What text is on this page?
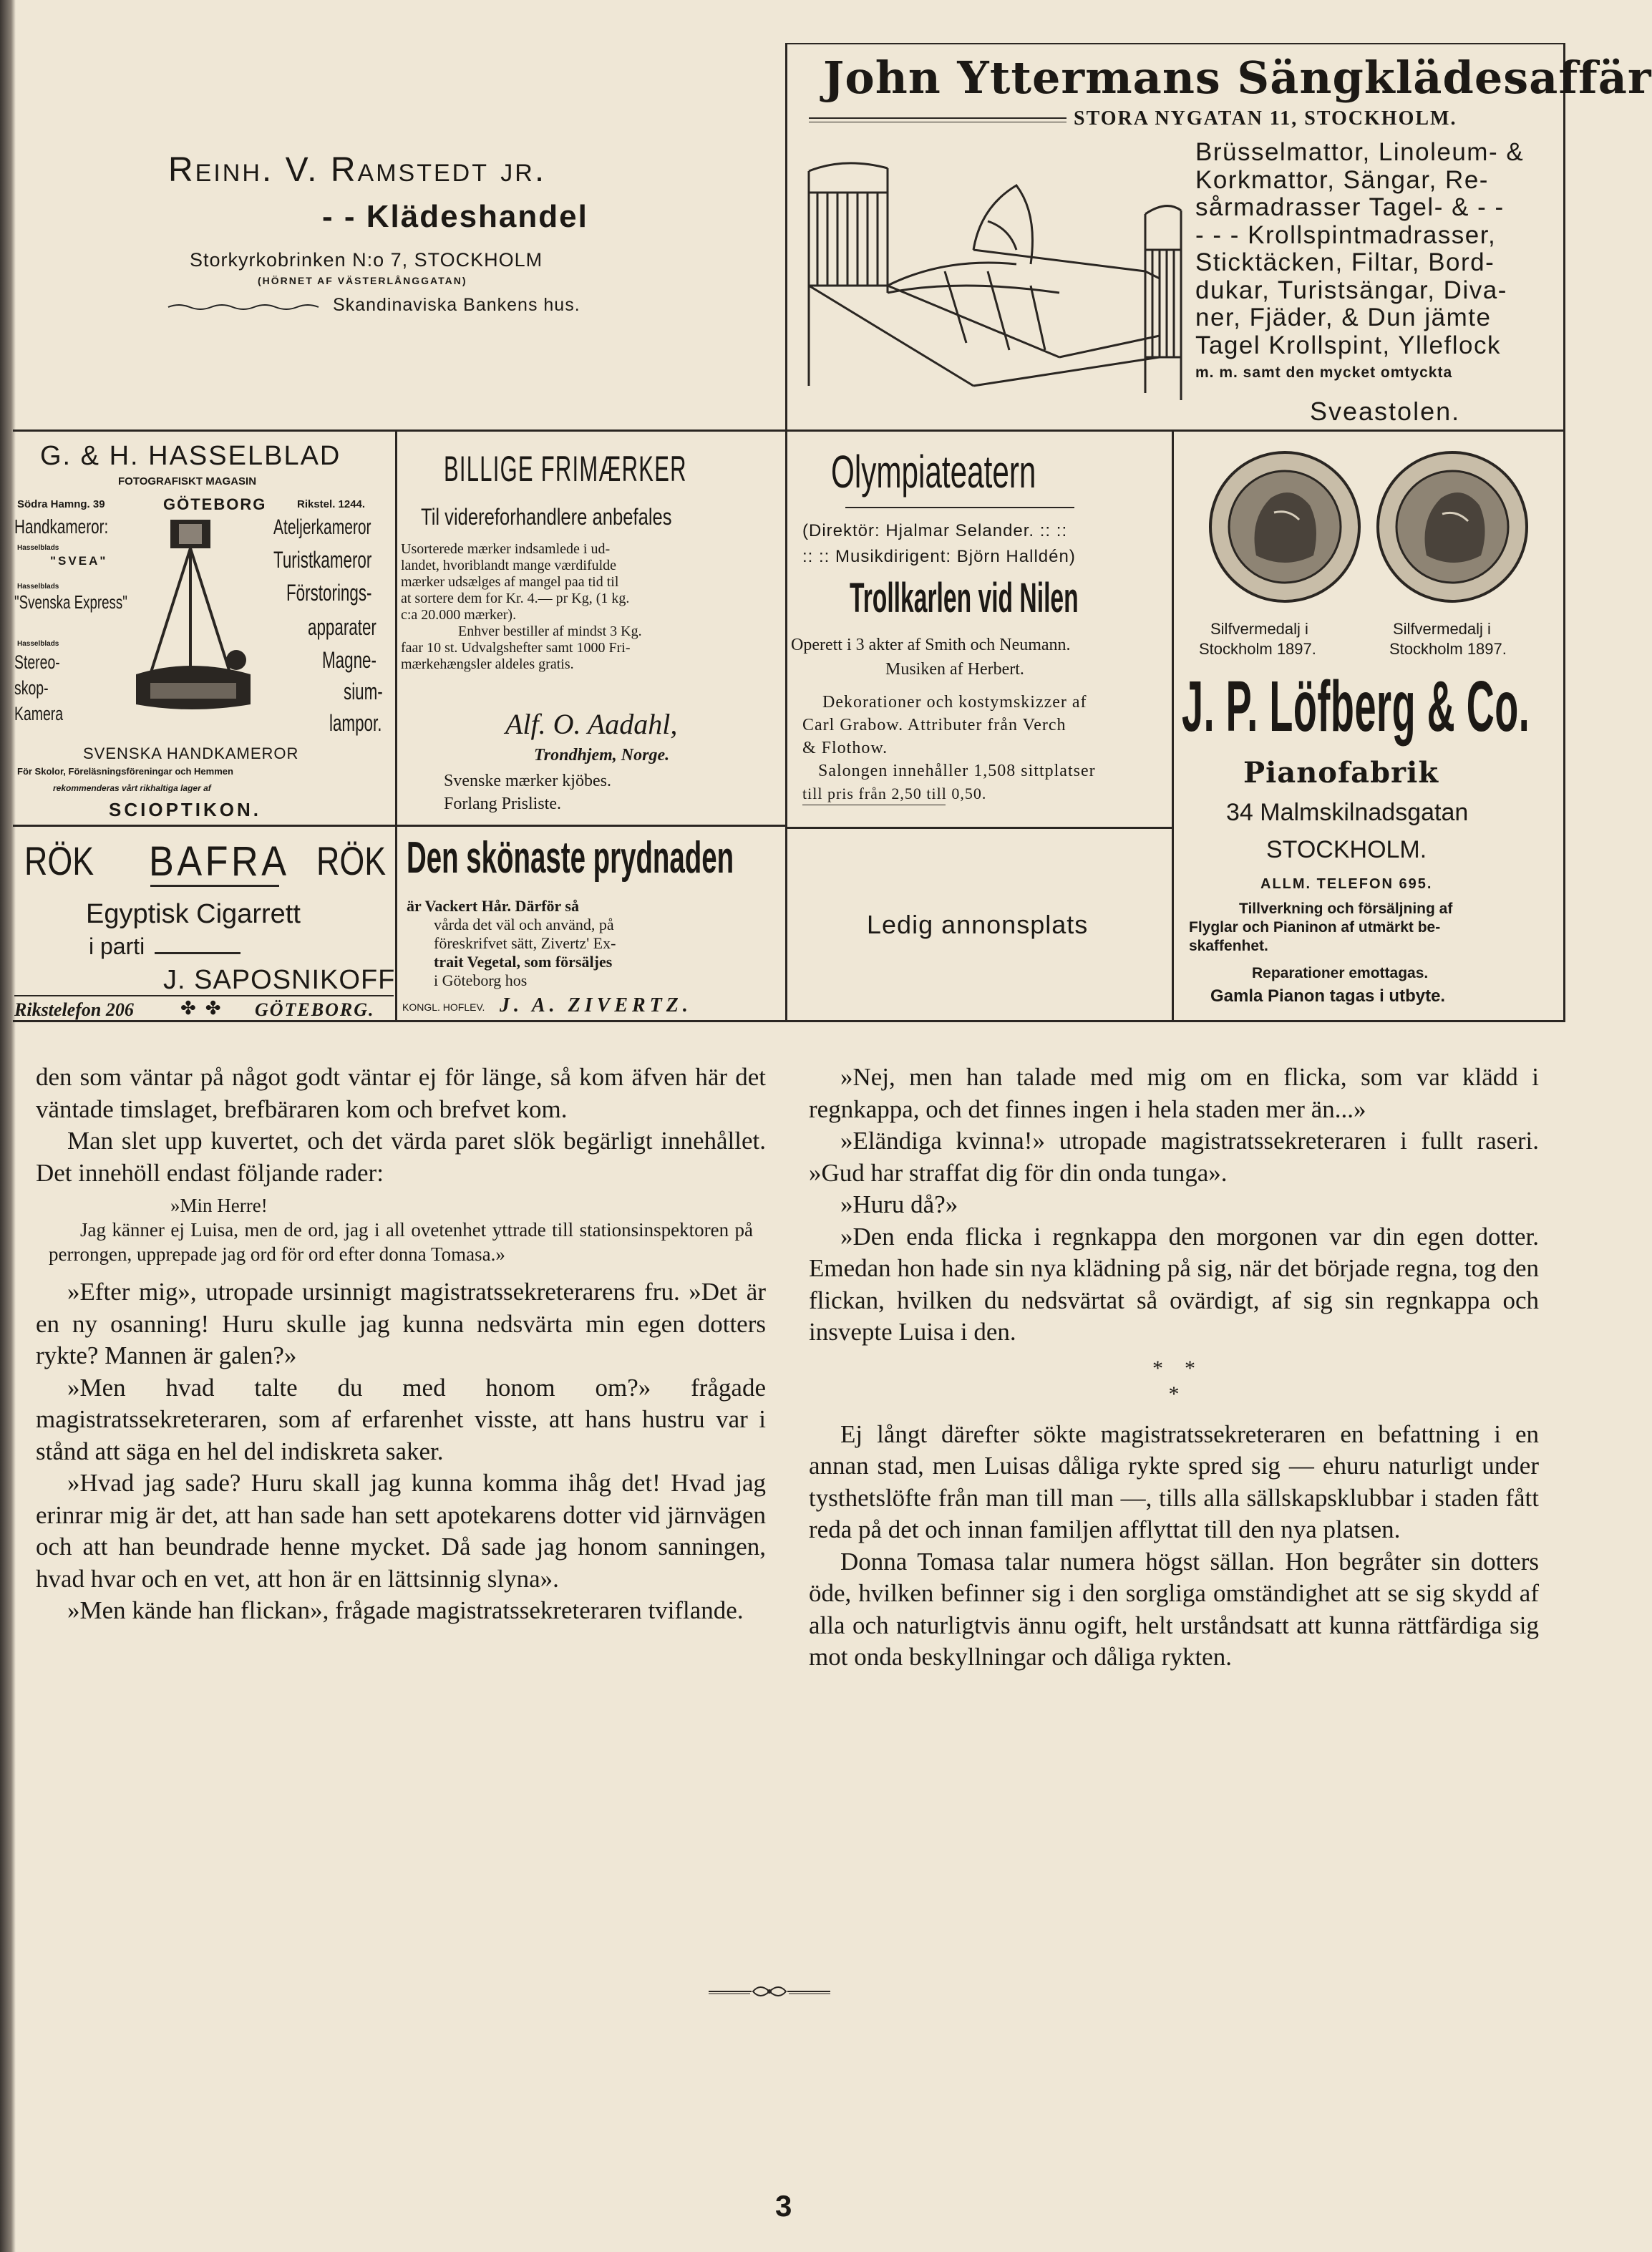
Reinh. V. Ramstedt jr.
- - Klädeshandel
Storkyrkobrinken N:o 7, STOCKHOLM
(HÖRNET AF VÄSTERLÅNGGATAN)
Skandinaviska Bankens hus.
John Yttermans Sängklädesaffär
STORA NYGATAN 11, STOCKHOLM.
Brüsselmattor, Linoleum- &
Korkmattor, Sängar, Re-
sårmadrasser Tagel- & - -
- - - Krollspintmadrasser,
Sticktäcken, Filtar, Bord-
dukar, Turistsängar, Diva-
ner, Fjäder, & Dun jämte
Tagel Krollspint, Ylleflock
m. m. samt den mycket omtyckta
Sveastolen.
G. & H. HASSELBLAD
FOTOGRAFISKT MAGASIN
Södra Hamng. 39	GÖTEBORG	Rikstel. 1244.
Handkameror:
Hasselblads
"SVEA"
Hasselblads
"Svenska Express"
Hasselblads
Stereo-
skop-
Kamera
Ateljerkameror
Turistkameror
Förstorings-
apparater
Magne-
sium-
lampor.
SVENSKA HANDKAMEROR
För Skolor, Föreläsningsföreningar och Hemmen
rekommenderas vårt rikhaltiga lager af
SCIOPTIKON.
BILLIGE FRIMÆRKER
Til videreforhandlere anbefales
Usorterede mærker indsamlede i ud-
landet, hvoriblandt mange værdifulde
mærker udsælges af mangel paa tid til
at sortere dem for Kr. 4.— pr Kg, (1 kg.
c:a 20.000 mærker).
Enhver bestiller af mindst 3 Kg.
faar 10 st. Udvalgshefter samt 1000 Fri-
mærkehængsler aldeles gratis.
Alf. O. Aadahl,
Trondhjem, Norge.
Svenske mærker kjöbes.
Forlang Prisliste.
Olympiateatern
(Direktör: Hjalmar Selander. :: ::
:: :: Musikdirigent: Björn Halldén)
Trollkarlen vid Nilen
Operett i 3 akter af Smith och Neumann.
Musiken af Herbert.
Dekorationer och kostymskizzer af
Carl Grabow. Attributer från Verch
& Flothow.
Salongen innehåller 1,508 sittplatser
till pris från 2,50 till 0,50.
Silfvermedalj i
Stockholm 1897.
Silfvermedalj i
Stockholm 1897.
J. P. Löfberg & Co.
Pianofabrik
34 Malmskilnadsgatan
STOCKHOLM.
ALLM. TELEFON 695.
Tillverkning och försäljning af
Flyglar och Pianinon af utmärkt be-
skaffenhet.
Reparationer emottagas.
Gamla Pianon tagas i utbyte.
RÖK BAFRA RÖK
Egyptisk Cigarrett
i parti
J. SAPOSNIKOFF
Rikstelefon 206	✤  ✤ GÖTEBORG.
Den skönaste prydnaden
är Vackert Hår. Därför så
vårda det väl och använd, på
föreskrifvet sätt, Zivertz' Ex-
trait Vegetal, som försäljes
i Göteborg hos
KONGL. HOFLEV. J. A. ZIVERTZ.
Ledig annonsplats

den som väntar på något godt väntar ej för länge, så kom äfven här det väntade timslaget, brefbäraren kom och brefvet kom.

Man slet upp kuvertet, och det värda paret slök begärligt innehållet. Det innehöll endast följande rader:

»Min Herre!

Jag känner ej Luisa, men de ord, jag i all ovetenhet yttrade till stationsinspektoren på perrongen, upprepade jag ord för ord efter donna Tomasa.»

»Efter mig», utropade ursinnigt magistratssekreterarens fru. »Det är en ny osanning! Huru skulle jag kunna nedsvärta min egen dotters rykte? Mannen är galen?»

»Men hvad talte du med honom om?» frågade magistratssekreteraren, som af erfarenhet visste, att hans hustru var i stånd att säga en hel del indiskreta saker.

»Hvad jag sade? Huru skall jag kunna komma ihåg det! Hvad jag erinrar mig är det, att han sade han sett apotekarens dotter vid järnvägen och att han beundrade henne mycket. Då sade jag honom sanningen, hvad hvar och en vet, att hon är en lättsinnig slyna».

»Men kände han flickan», frågade magistratssekreteraren tviflande.

»Nej, men han talade med mig om en flicka, som var klädd i regnkappa, och det finnes ingen i hela staden mer än...»

»Eländiga kvinna!» utropade magistratssekreteraren i fullt raseri. »Gud har straffat dig för din onda tunga».

»Huru då?»

»Den enda flicka i regnkappa den morgonen var din egen dotter. Emedan hon hade sin nya klädning på sig, när det började regna, tog den flickan, hvilken du nedsvärtat så ovärdigt, af sig sin regnkappa och insvepte Luisa i den.

*    *
*

Ej långt därefter sökte magistratssekreteraren en befattning i en annan stad, men Luisas dåliga rykte spred sig — ehuru naturligt under tysthetslöfte från man till man —, tills alla sällskapsklubbar i staden fått reda på det och innan familjen afflyttat till den nya platsen.

Donna Tomasa talar numera högst sällan. Hon begråter sin dotters öde, hvilken befinner sig i den sorgliga omständighet att se sig skydd af alla och naturligtvis ännu ogift, helt urståndsatt att kunna rättfärdiga sig mot onda beskyllningar och dåliga rykten.

3
